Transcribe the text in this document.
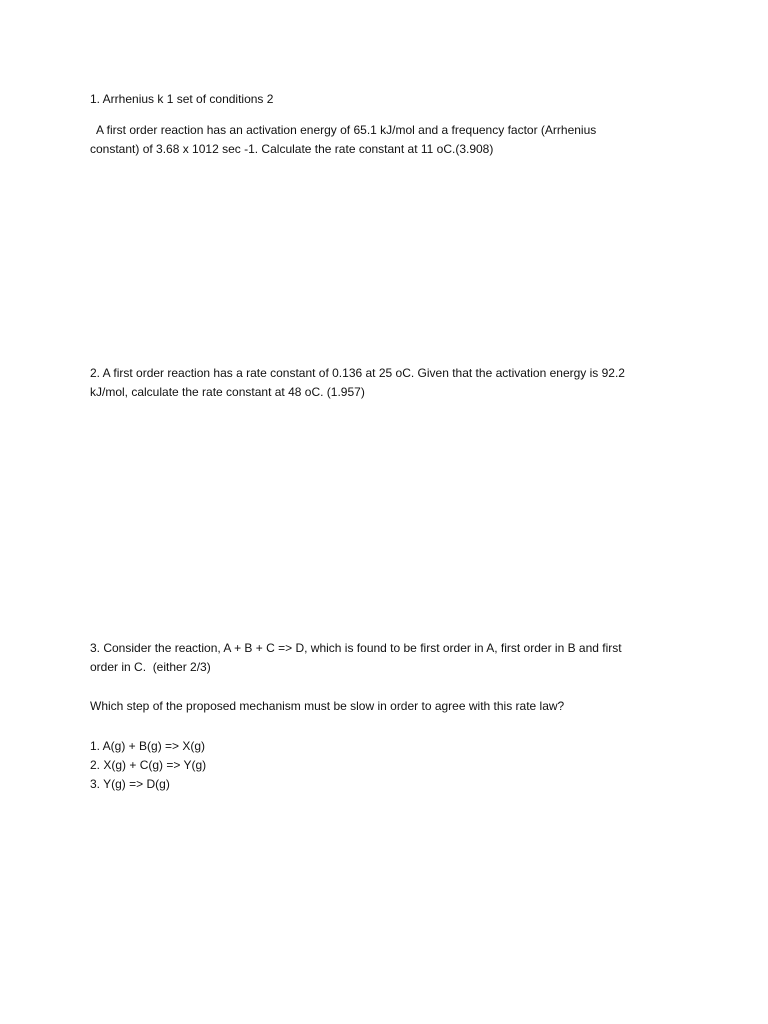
1. Arrhenius k 1 set of conditions 2
A first order reaction has an activation energy of 65.1 kJ/mol and a frequency factor (Arrhenius
constant) of 3.68 x 1012 sec -1. Calculate the rate constant at 11 oC.(3.908)
2. A first order reaction has a rate constant of 0.136 at 25 oC. Given that the activation energy is 92.2
kJ/mol, calculate the rate constant at 48 oC. (1.957)
3. Consider the reaction, A + B + C => D, which is found to be first order in A, first order in B and first
order in C.  (either 2/3)
Which step of the proposed mechanism must be slow in order to agree with this rate law?
1. A(g) + B(g) => X(g)
2. X(g) + C(g) => Y(g)
3. Y(g) => D(g)
